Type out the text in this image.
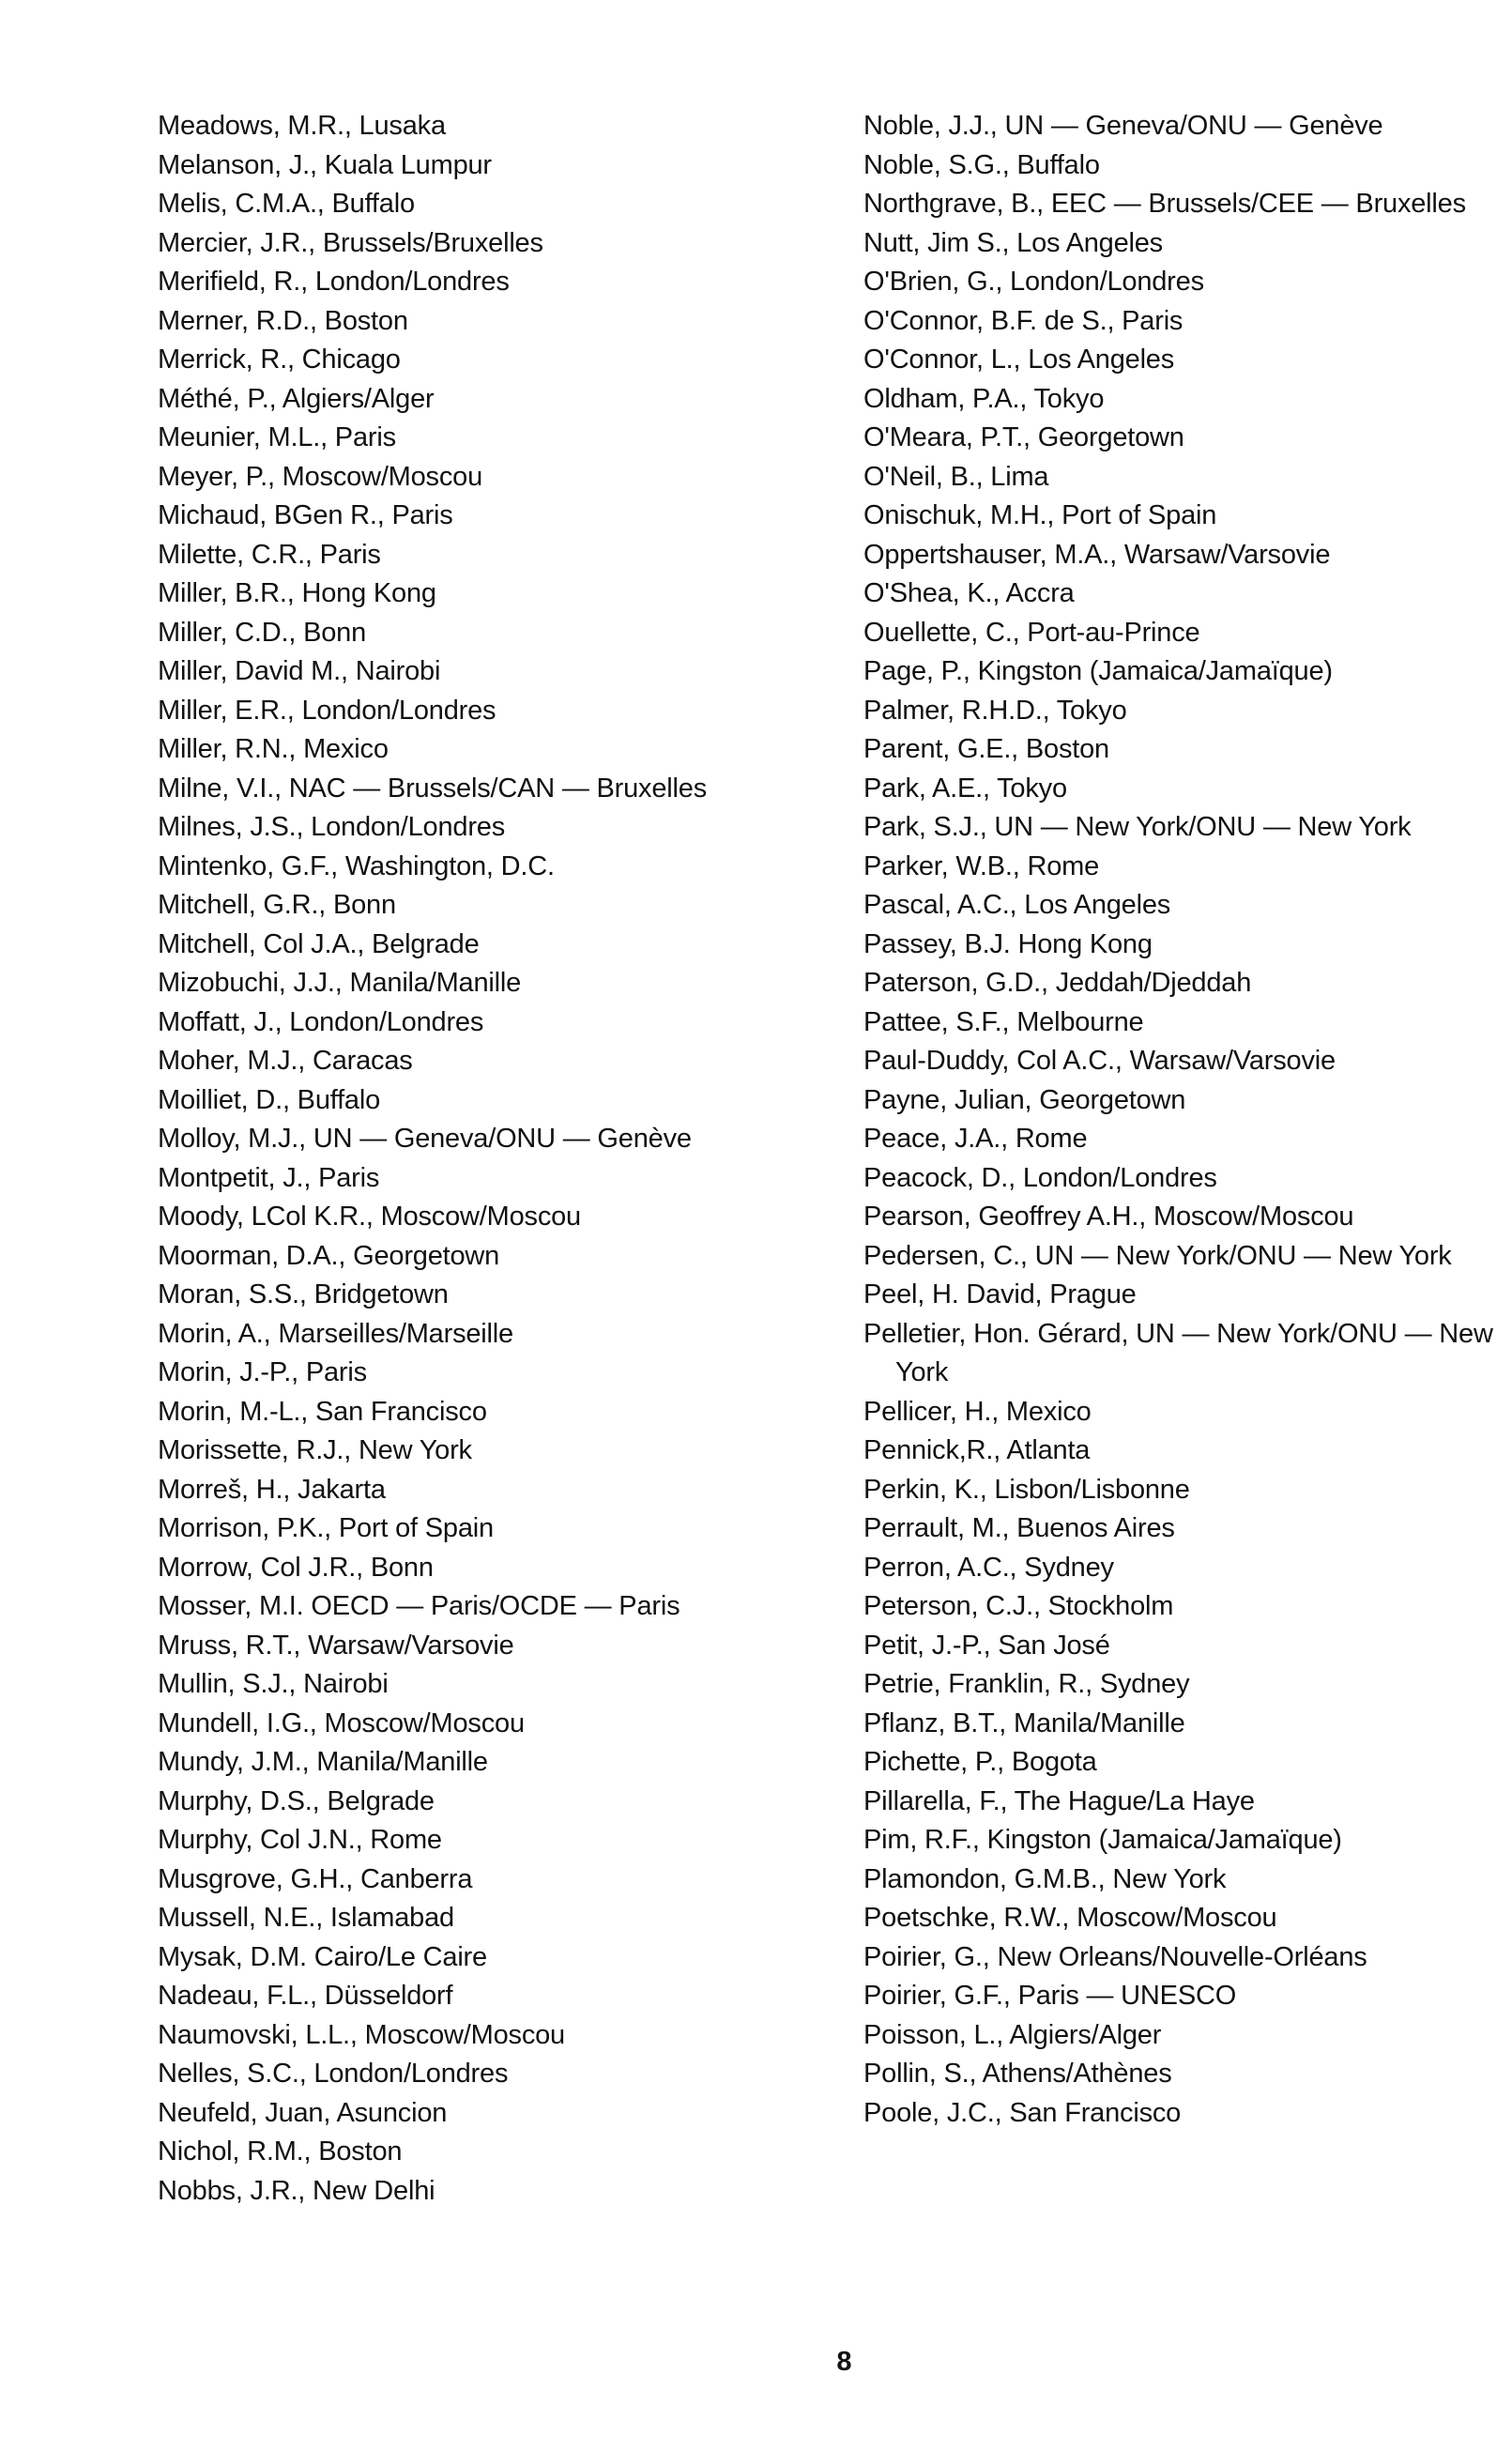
Meadows, M.R., Lusaka
Melanson, J., Kuala Lumpur
Melis, C.M.A., Buffalo
Mercier, J.R., Brussels/Bruxelles
Merifield, R., London/Londres
Merner, R.D., Boston
Merrick, R., Chicago
Méthé, P., Algiers/Alger
Meunier, M.L., Paris
Meyer, P., Moscow/Moscou
Michaud, BGen R., Paris
Milette, C.R., Paris
Miller, B.R., Hong Kong
Miller, C.D., Bonn
Miller, David M., Nairobi
Miller, E.R., London/Londres
Miller, R.N., Mexico
Milne, V.I., NAC — Brussels/CAN — Bruxelles
Milnes, J.S., London/Londres
Mintenko, G.F., Washington, D.C.
Mitchell, G.R., Bonn
Mitchell, Col J.A., Belgrade
Mizobuchi, J.J., Manila/Manille
Moffatt, J., London/Londres
Moher, M.J., Caracas
Moilliet, D., Buffalo
Molloy, M.J., UN — Geneva/ONU — Genève
Montpetit, J., Paris
Moody, LCol K.R., Moscow/Moscou
Moorman, D.A., Georgetown
Moran, S.S., Bridgetown
Morin, A., Marseilles/Marseille
Morin, J.-P., Paris
Morin, M.-L., San Francisco
Morissette, R.J., New York
Morreš, H., Jakarta
Morrison, P.K., Port of Spain
Morrow, Col J.R., Bonn
Mosser, M.I. OECD — Paris/OCDE — Paris
Mruss, R.T., Warsaw/Varsovie
Mullin, S.J., Nairobi
Mundell, I.G., Moscow/Moscou
Mundy, J.M., Manila/Manille
Murphy, D.S., Belgrade
Murphy, Col J.N., Rome
Musgrove, G.H., Canberra
Mussell, N.E., Islamabad
Mysak, D.M. Cairo/Le Caire
Nadeau, F.L., Düsseldorf
Naumovski, L.L., Moscow/Moscou
Nelles, S.C., London/Londres
Neufeld, Juan, Asuncion
Nichol, R.M., Boston
Nobbs, J.R., New Delhi
Noble, J.J., UN — Geneva/ONU — Genève
Noble, S.G., Buffalo
Northgrave, B., EEC — Brussels/CEE — Bruxelles
Nutt, Jim S., Los Angeles
O'Brien, G., London/Londres
O'Connor, B.F. de S., Paris
O'Connor, L., Los Angeles
Oldham, P.A., Tokyo
O'Meara, P.T., Georgetown
O'Neil, B., Lima
Onischuk, M.H., Port of Spain
Oppertshauser, M.A., Warsaw/Varsovie
O'Shea, K., Accra
Ouellette, C., Port-au-Prince
Page, P., Kingston (Jamaica/Jamaïque)
Palmer, R.H.D., Tokyo
Parent, G.E., Boston
Park, A.E., Tokyo
Park, S.J., UN — New York/ONU — New York
Parker, W.B., Rome
Pascal, A.C., Los Angeles
Passey, B.J. Hong Kong
Paterson, G.D., Jeddah/Djeddah
Pattee, S.F., Melbourne
Paul-Duddy, Col A.C., Warsaw/Varsovie
Payne, Julian, Georgetown
Peace, J.A., Rome
Peacock, D., London/Londres
Pearson, Geoffrey A.H., Moscow/Moscou
Pedersen, C., UN — New York/ONU — New York
Peel, H. David, Prague
Pelletier, Hon. Gérard, UN — New York/ONU — New York
Pellicer, H., Mexico
Pennick,R., Atlanta
Perkin, K., Lisbon/Lisbonne
Perrault, M., Buenos Aires
Perron, A.C., Sydney
Peterson, C.J., Stockholm
Petit, J.-P., San José
Petrie, Franklin, R., Sydney
Pflanz, B.T., Manila/Manille
Pichette, P., Bogota
Pillarella, F., The Hague/La Haye
Pim, R.F., Kingston (Jamaica/Jamaïque)
Plamondon, G.M.B., New York
Poetschke, R.W., Moscow/Moscou
Poirier, G., New Orleans/Nouvelle-Orléans
Poirier, G.F., Paris — UNESCO
Poisson, L., Algiers/Alger
Pollin, S., Athens/Athènes
Poole, J.C., San Francisco
8
